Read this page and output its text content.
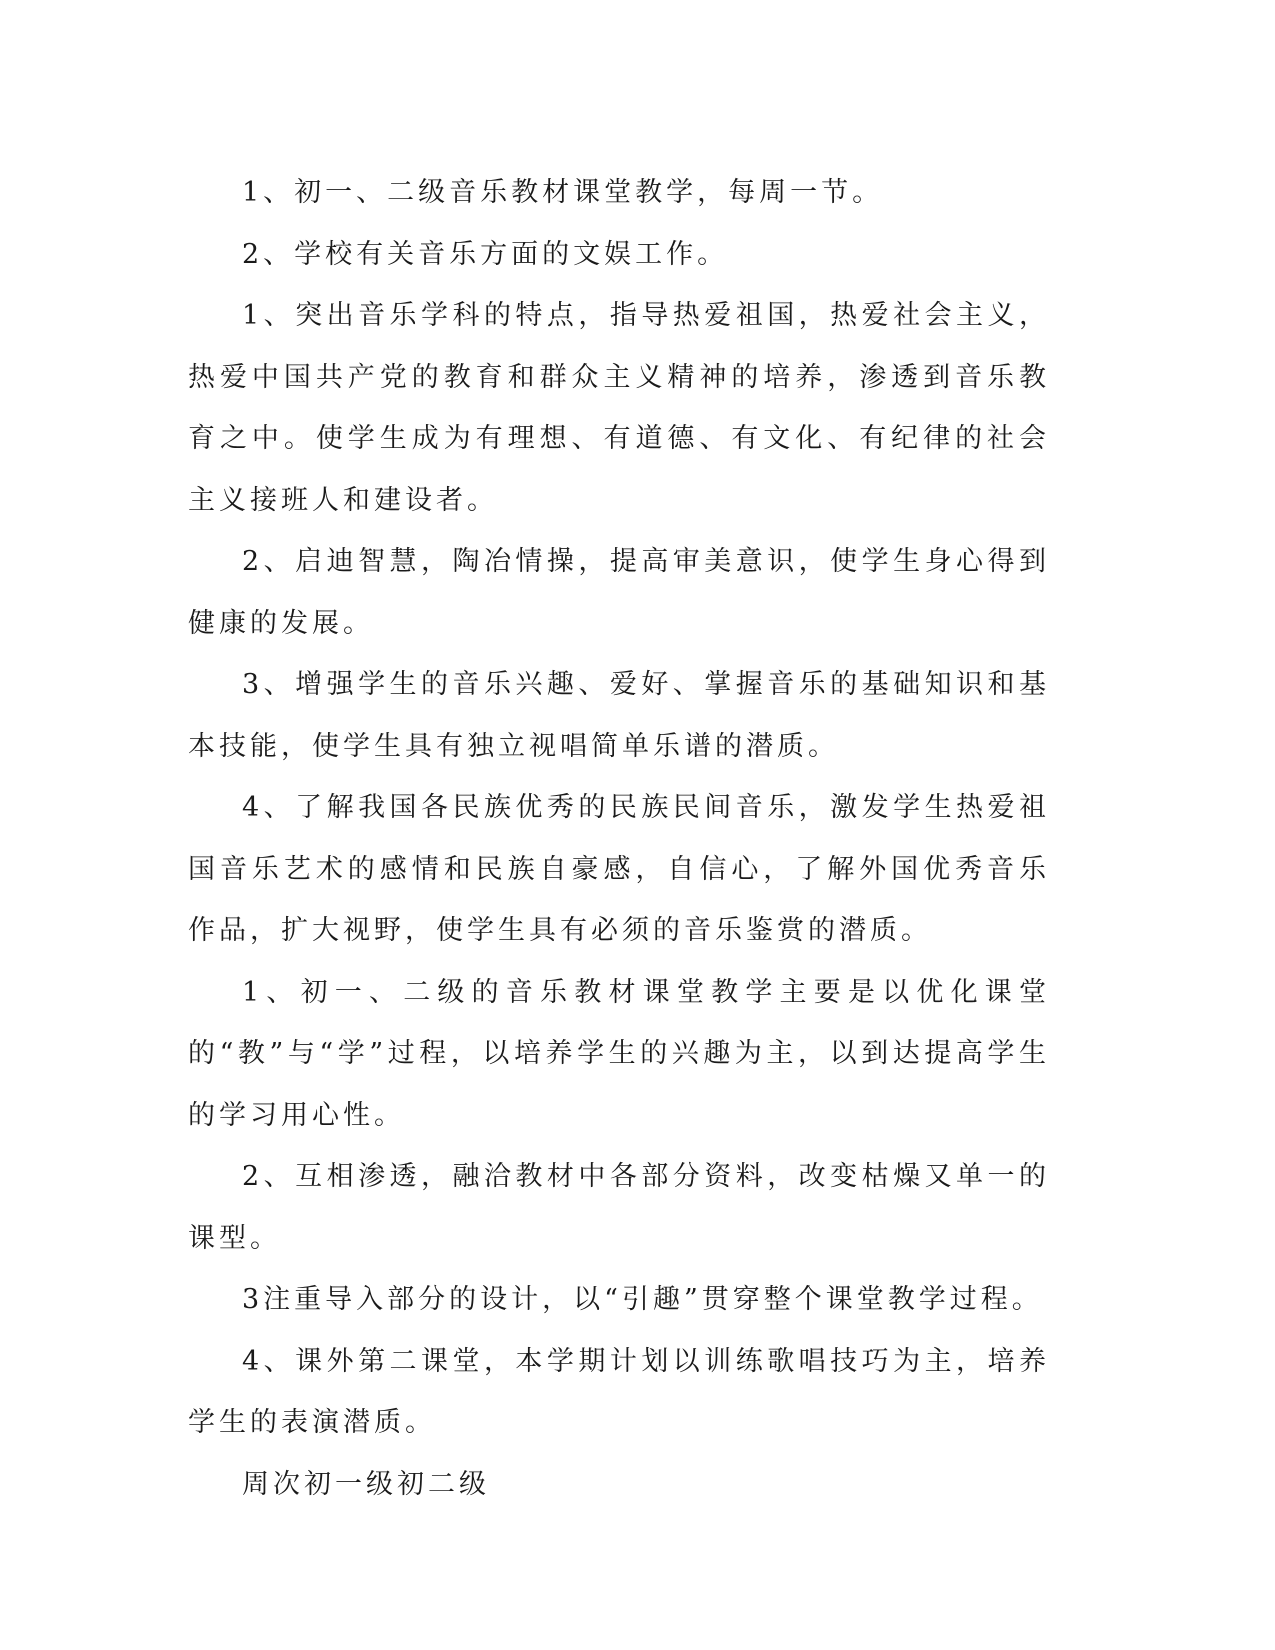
1、初一、二级音乐教材课堂教学，每周一节。

2、学校有关音乐方面的文娱工作。

1、突出音乐学科的特点，指导热爱祖国，热爱社会主义，热爱中国共产党的教育和群众主义精神的培养，渗透到音乐教育之中。使学生成为有理想、有道德、有文化、有纪律的社会主义接班人和建设者。

2、启迪智慧，陶冶情操，提高审美意识，使学生身心得到健康的发展。

3、增强学生的音乐兴趣、爱好、掌握音乐的基础知识和基本技能，使学生具有独立视唱简单乐谱的潜质。

4、了解我国各民族优秀的民族民间音乐，激发学生热爱祖国音乐艺术的感情和民族自豪感，自信心，了解外国优秀音乐作品，扩大视野，使学生具有必须的音乐鉴赏的潜质。

1、初一、二级的音乐教材课堂教学主要是以优化课堂的“教”与“学”过程，以培养学生的兴趣为主，以到达提高学生的学习用心性。

2、互相渗透，融洽教材中各部分资料，改变枯燥又单一的课型。

3注重导入部分的设计，以“引趣”贯穿整个课堂教学过程。

4、课外第二课堂，本学期计划以训练歌唱技巧为主，培养学生的表演潜质。

周次初一级初二级
